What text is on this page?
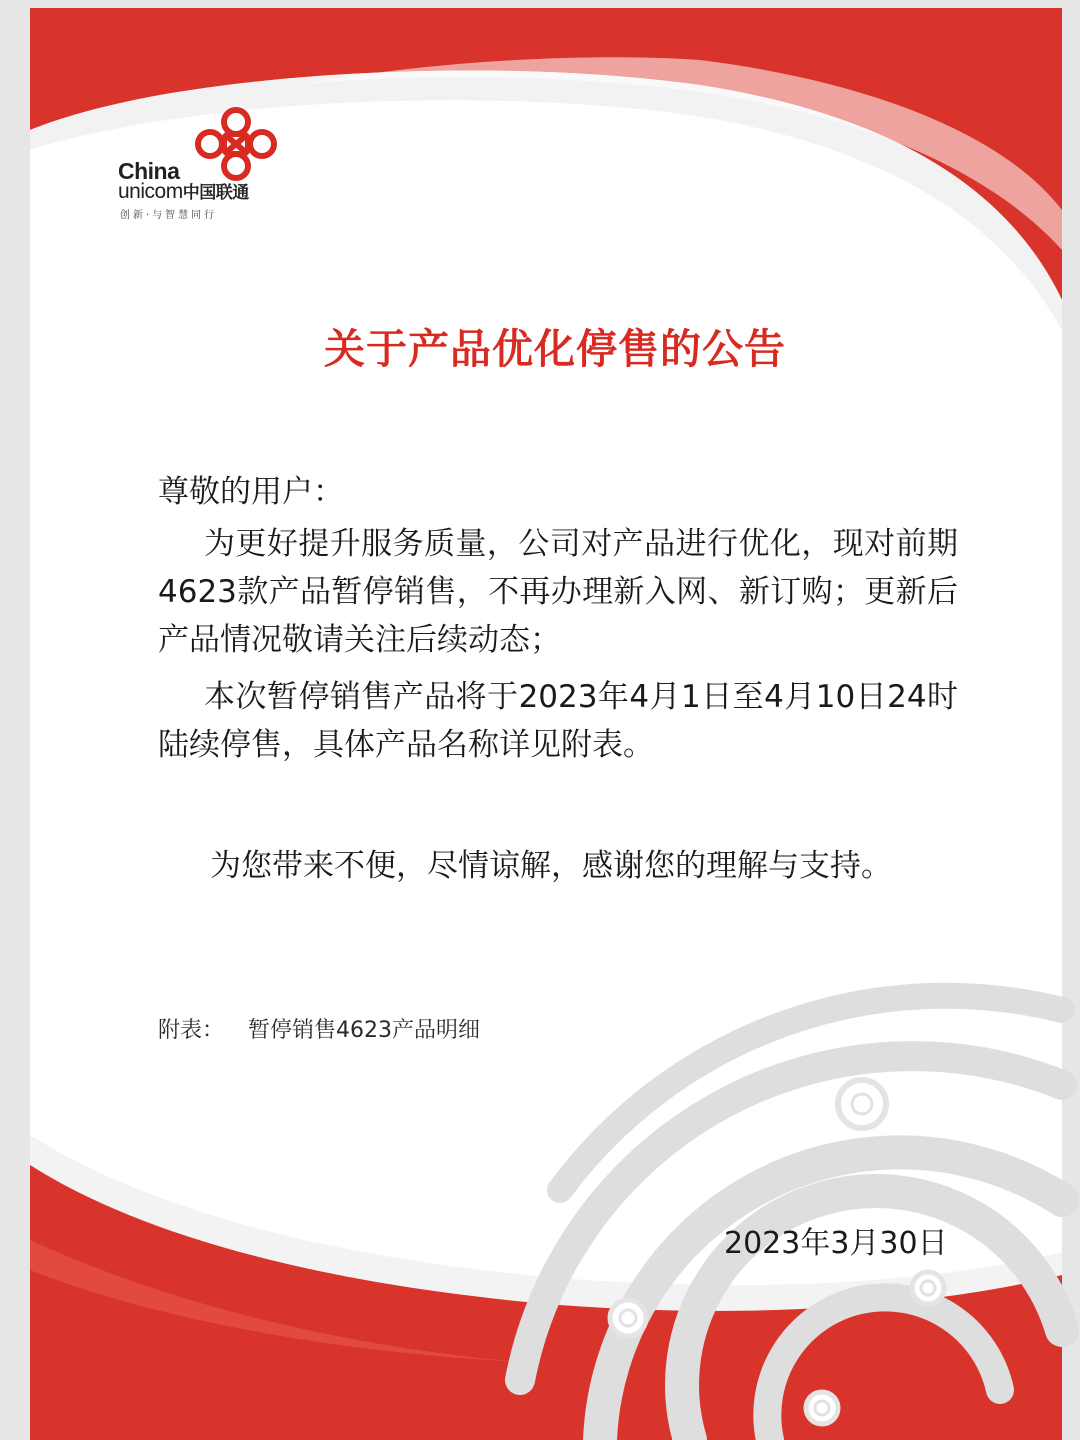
China
unicom中国联通
创新·与智慧同行
关于产品优化停售的公告
尊敬的用户：
为更好提升服务质量，公司对产品进行优化，现对前期4623款产品暂停销售，不再办理新入网、新订购；更新后产品情况敬请关注后续动态；
本次暂停销售产品将于2023年4月1日至4月10日24时陆续停售，具体产品名称详见附表。
为您带来不便，尽情谅解，感谢您的理解与支持。
附表： 暂停销售4623产品明细
2023年3月30日
